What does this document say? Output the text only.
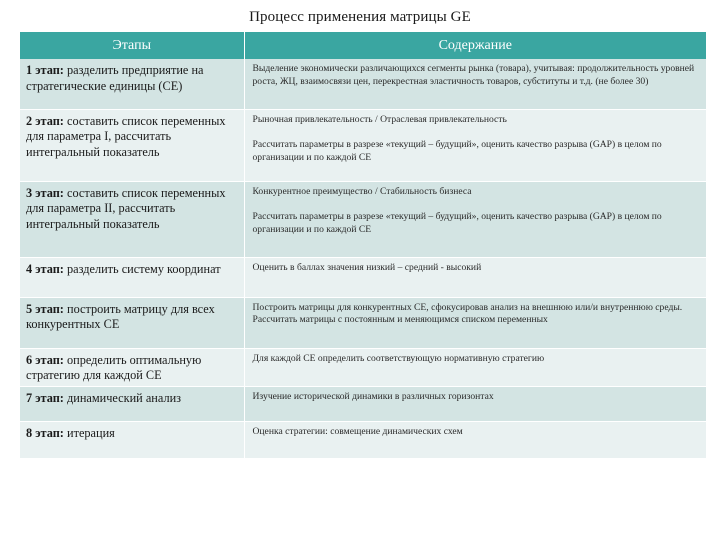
Процесс применения матрицы GE
Этапы	Содержание
1 этап: разделить предприятие на стратегические единицы (СЕ)	Выделение экономически различающихся сегменты рынка (товара), учитывая: продолжительность уровней роста, ЖЦ, взаимосвязи цен, перекрестная эластичность товаров, субституты и т.д. (не более 30)
2 этап: составить список переменных для параметра I, рассчитать интегральный показатель	Рыночная привлекательность / Отраслевая привлекательность
Рассчитать параметры в разрезе «текущий – будущий», оценить качество разрыва (GAP) в целом по организации и по каждой СЕ
3 этап: составить список переменных для параметра II, рассчитать интегральный показатель	Конкурентное преимущество / Стабильность бизнеса
Рассчитать параметры в разрезе «текущий – будущий», оценить качество разрыва (GAP) в целом по организации и по каждой СЕ
4 этап: разделить систему координат	Оценить в баллах значения низкий – средний - высокий
5 этап: построить матрицу для всех конкурентных СЕ	Построить матрицы для конкурентных СЕ, сфокусировав анализ на внешнюю или/и внутреннюю среды. Рассчитать матрицы с постоянным и меняющимся списком переменных
6 этап: определить оптимальную стратегию для каждой СЕ	Для каждой СЕ определить соответствующую нормативную стратегию
7 этап: динамический анализ	Изучение исторической динамики в различных горизонтах
8 этап: итерация	Оценка стратегии: совмещение динамических схем
